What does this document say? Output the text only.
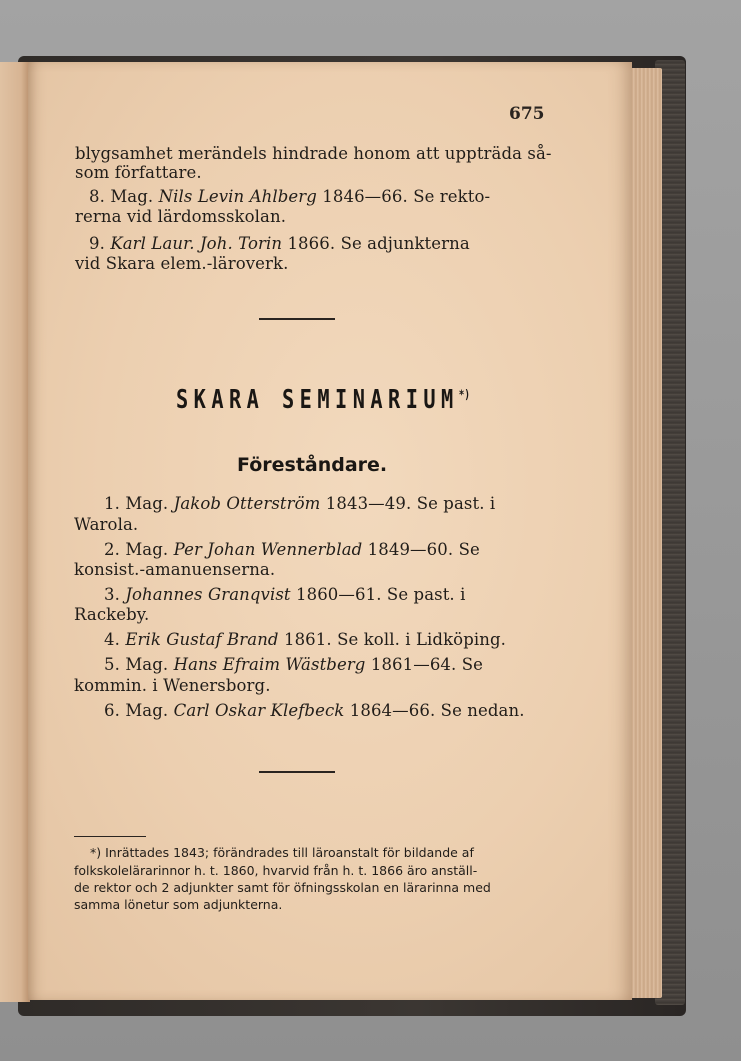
675
blygsamhet merändels hindrade honom att uppträda så-
som författare.
8. Mag. Nils Levin Ahlberg 1846—66. Se rekto-
rerna vid lärdomsskolan.
9. Karl Laur. Joh. Torin 1866. Se adjunkterna
vid Skara elem.-läroverk.
SKARA SEMINARIUM*)
Föreståndare.
1. Mag. Jakob Otterström 1843—49. Se past. i
Warola.
2. Mag. Per Johan Wennerblad 1849—60. Se
konsist.-amanuenserna.
3. Johannes Granqvist 1860—61. Se past. i
Rackeby.
4. Erik Gustaf Brand 1861. Se koll. i Lidköping.
5. Mag. Hans Efraim Wästberg 1861—64. Se
kommin. i Wenersborg.
6. Mag. Carl Oskar Klefbeck 1864—66. Se nedan.
*) Inrättades 1843; förändrades till läroanstalt för bildande af
folkskolelärarinnor h. t. 1860, hvarvid från h. t. 1866 äro anställ-
de rektor och 2 adjunkter samt för öfningsskolan en lärarinna med
samma lönetur som adjunkterna.
